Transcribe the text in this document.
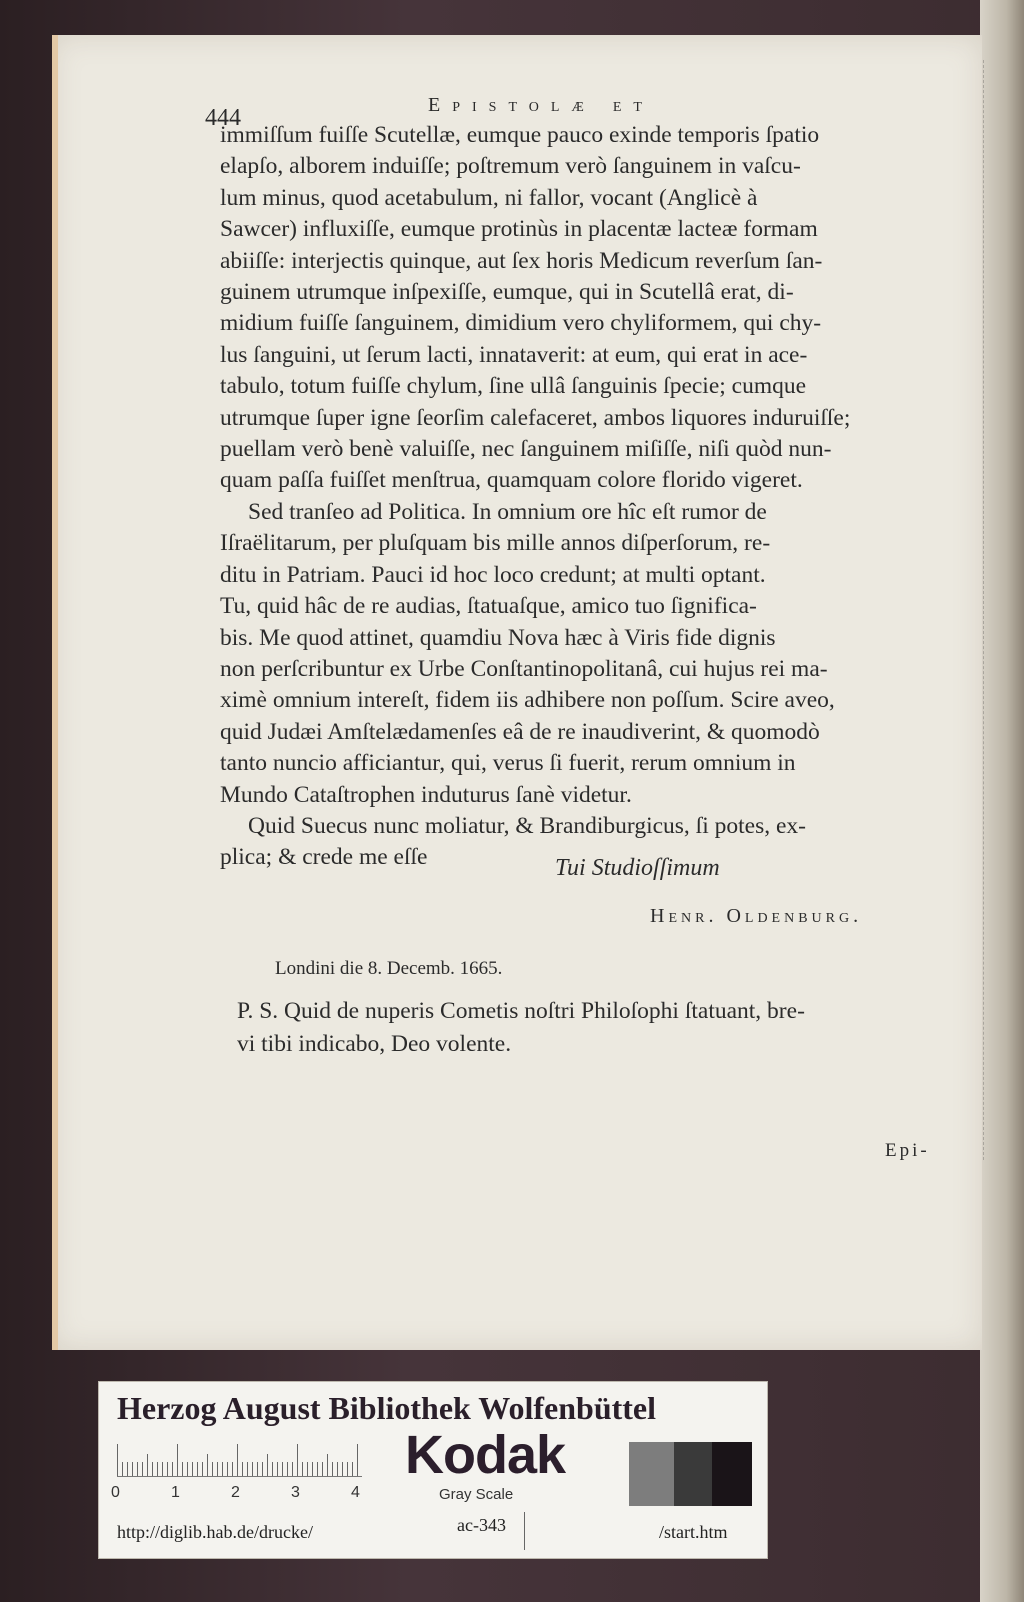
444	Epistolæ et

immiſſum fuiſſe Scutellæ, eumque pauco exinde temporis ſpatio
elapſo, alborem induiſſe; poſtremum verò ſanguinem in vaſcu-
lum minus, quod acetabulum, ni fallor, vocant (Anglicè à
Sawcer) influxiſſe, eumque protinùs in placentæ lacteæ formam
abiiſſe: interjectis quinque, aut ſex horis Medicum reverſum ſan-
guinem utrumque inſpexiſſe, eumque, qui in Scutellâ erat, di-
midium fuiſſe ſanguinem, dimidium vero chyliformem, qui chy-
lus ſanguini, ut ſerum lacti, innataverit: at eum, qui erat in ace-
tabulo, totum fuiſſe chylum, ſine ullâ ſanguinis ſpecie; cumque
utrumque ſuper igne ſeorſim calefaceret, ambos liquores induruiſſe;
puellam verò benè valuiſſe, nec ſanguinem miſiſſe, niſi quòd nun-
quam paſſa fuiſſet menſtrua, quamquam colore florido vigeret.

Sed tranſeo ad Politica. In omnium ore hîc eſt rumor de
Iſraëlitarum, per pluſquam bis mille annos diſperſorum, re-
ditu in Patriam. Pauci id hoc loco credunt; at multi optant.
Tu, quid hâc de re audias, ſtatuaſque, amico tuo ſignifica-
bis. Me quod attinet, quamdiu Nova hæc à Viris fide dignis
non perſcribuntur ex Urbe Conſtantinopolitanâ, cui hujus rei ma-
ximè omnium intereſt, fidem iis adhibere non poſſum. Scire aveo,
quid Judæi Amſtelædamenſes eâ de re inaudiverint, & quomodò
tanto nuncio afficiantur, qui, verus ſi fuerit, rerum omnium in
Mundo Cataſtrophen induturus ſanè videtur.

Quid Suecus nunc moliatur, & Brandiburgicus, ſi potes, ex-
plica; & crede me eſſe	Tui Studioſſimum
Henr. Oldenburg.
Londini die 8. Decemb. 1665.
P. S. Quid de nuperis Cometis noſtri Philoſophi ſtatuant, bre-
vi tibi indicabo, Deo volente.
Epi-
Herzog August Bibliothek Wolfenbüttel
0	1	2	3	4
Kodak
Gray Scale
http://diglib.hab.de/drucke/	ac-343	/start.htm
